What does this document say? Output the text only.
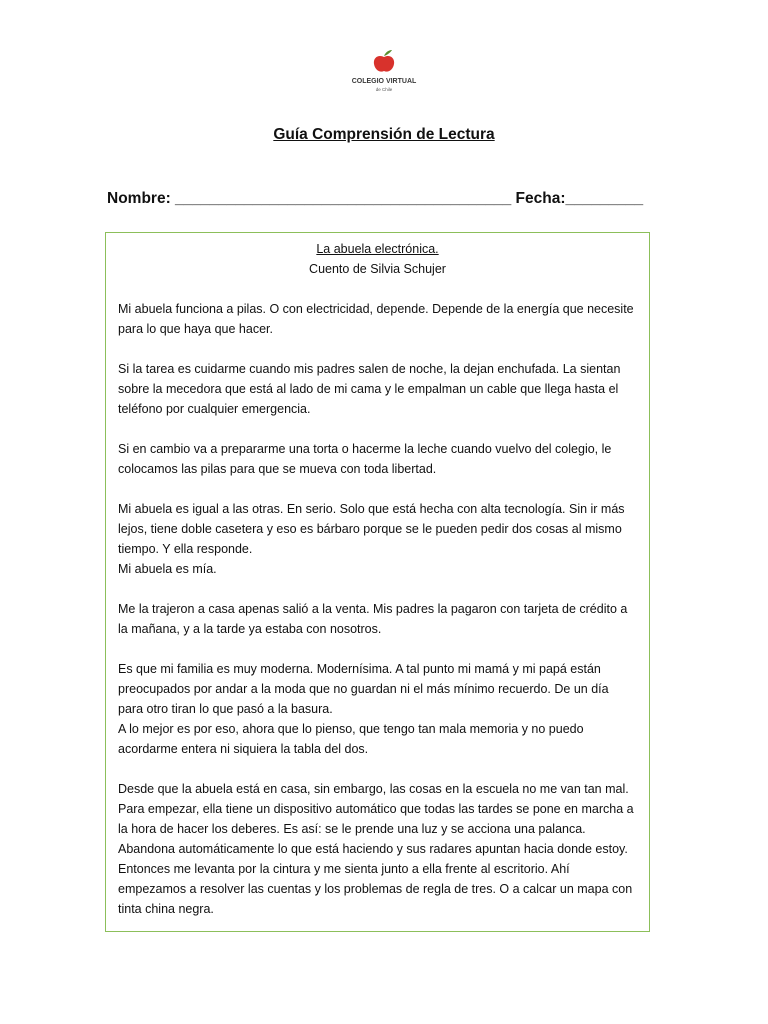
COLEGIO VIRTUAL
de Chile
Guía Comprensión de Lectura
Nombre: _______________________________________ Fecha:_________
La abuela electrónica.
Cuento de Silvia Schujer

Mi abuela funciona a pilas. O con electricidad, depende. Depende de la energía que necesite para lo que haya que hacer.

Si la tarea es cuidarme cuando mis padres salen de noche, la dejan enchufada. La sientan sobre la mecedora que está al lado de mi cama y le empalman un cable que llega hasta el teléfono por cualquier emergencia.

Si en cambio va a prepararme una torta o hacerme la leche cuando vuelvo del colegio, le colocamos las pilas para que se mueva con toda libertad.

Mi abuela es igual a las otras. En serio. Solo que está hecha con alta tecnología. Sin ir más lejos, tiene doble casetera y eso es bárbaro porque se le pueden pedir dos cosas al mismo tiempo. Y ella responde.

Mi abuela es mía.

Me la trajeron a casa apenas salió a la venta. Mis padres la pagaron con tarjeta de crédito a la mañana, y a la tarde ya estaba con nosotros.

Es que mi familia es muy moderna. Modernísima. A tal punto mi mamá y mi papá están preocupados por andar a la moda que no guardan ni el más mínimo recuerdo. De un día para otro tiran lo que pasó a la basura.

A lo mejor es por eso, ahora que lo pienso, que tengo tan mala memoria y no puedo acordarme entera ni siquiera la tabla del dos.

Desde que la abuela está en casa, sin embargo, las cosas en la escuela no me van tan mal. Para empezar, ella tiene un dispositivo automático que todas las tardes se pone en marcha a la hora de hacer los deberes. Es así: se le prende una luz y se acciona una palanca. Abandona automáticamente lo que está haciendo y sus radares apuntan hacia donde estoy. Entonces me levanta por la cintura y me sienta junto a ella frente al escritorio. Ahí empezamos a resolver las cuentas y los problemas de regla de tres. O a calcar un mapa con tinta china negra.
